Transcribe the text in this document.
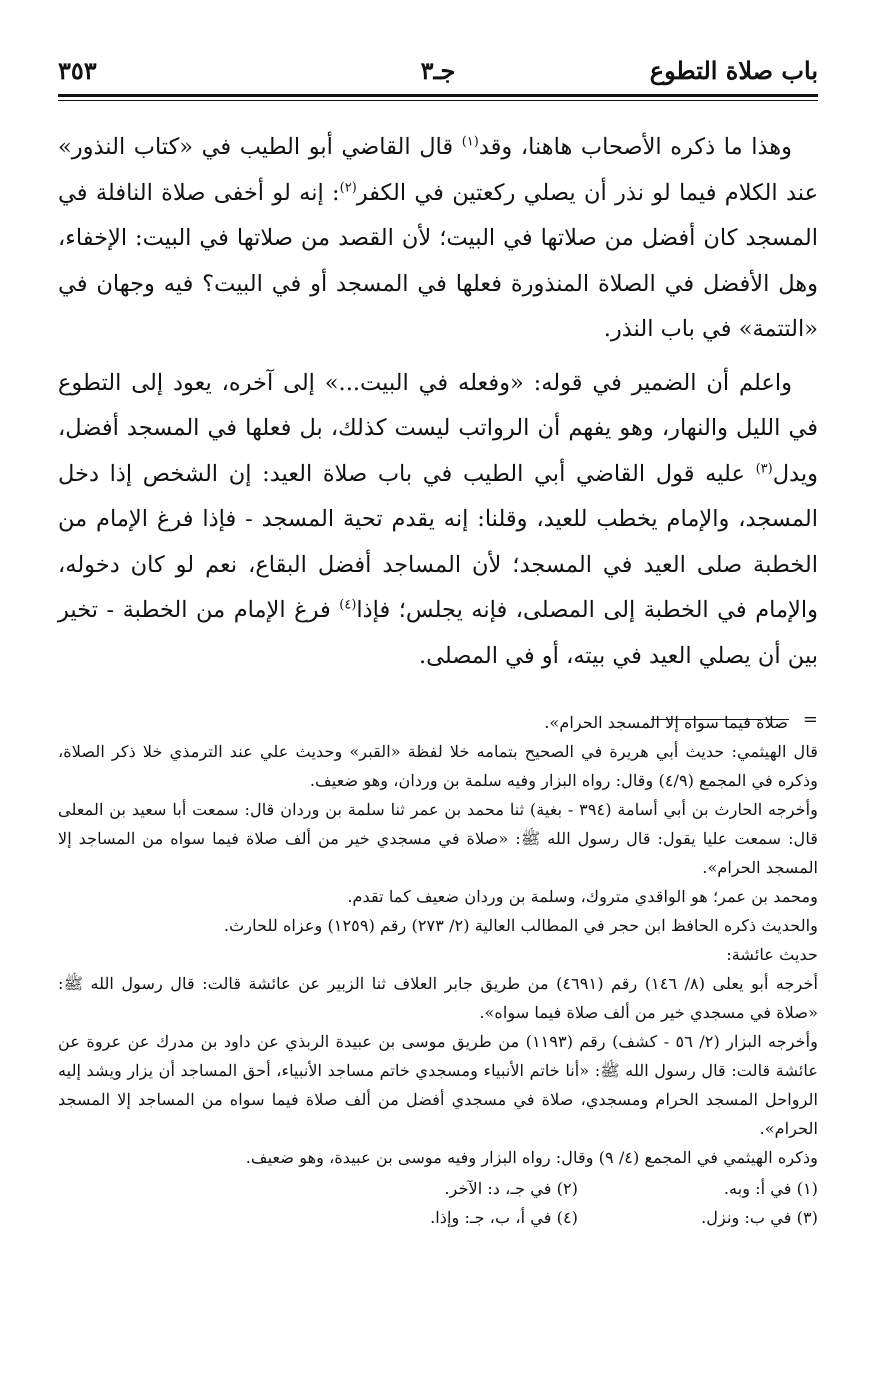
باب صلاة التطوع
جـ٣
٣٥٣

وهذا ما ذكره الأصحاب هاهنا، وقد$^{(١)}$ قال القاضي أبو الطيب في «كتاب النذور» عند الكلام فيما لو نذر أن يصلي ركعتين في الكفر$^{(٢)}$: إنه لو أخفى صلاة النافلة في المسجد كان أفضل من صلاتها في البيت؛ لأن القصد من صلاتها في البيت: الإخفاء، وهل الأفضل في الصلاة المنذورة فعلها في المسجد أو في البيت؟ فيه وجهان في «التتمة» في باب النذر.

واعلم أن الضمير في قوله: «وفعله في البيت...» إلى آخره، يعود إلى التطوع في الليل والنهار، وهو يفهم أن الرواتب ليست كذلك، بل فعلها في المسجد أفضل، ويدل$^{(٣)}$ عليه قول القاضي أبي الطيب في باب صلاة العيد: إن الشخص إذا دخل المسجد، والإمام يخطب للعيد، وقلنا: إنه يقدم تحية المسجد - فإذا فرغ الإمام من الخطبة صلى العيد في المسجد؛ لأن المساجد أفضل البقاع، نعم لو كان دخوله، والإمام في الخطبة إلى المصلى، فإنه يجلس؛ فإذا$^{(٤)}$ فرغ الإمام من الخطبة - تخير بين أن يصلي العيد في بيته، أو في المصلى.

=

صلاة فيما سواه إلا المسجد الحرام».

قال الهيثمي: حديث أبي هريرة في الصحيح بتمامه خلا لفظة «القبر» وحديث علي عند الترمذي خلا ذكر الصلاة، وذكره في المجمع (٤/٩) وقال: رواه البزار وفيه سلمة بن وردان، وهو ضعيف.

وأخرجه الحارث بن أبي أسامة (٣٩٤ - بغية) ثنا محمد بن عمر ثنا سلمة بن وردان قال: سمعت أبا سعيد بن المعلى قال: سمعت عليا يقول: قال رسول الله ﷺ: «صلاة في مسجدي خير من ألف صلاة فيما سواه من المساجد إلا المسجد الحرام».

ومحمد بن عمر؛ هو الواقدي متروك، وسلمة بن وردان ضعيف كما تقدم.

والحديث ذكره الحافظ ابن حجر في المطالب العالية (٢/ ٢٧٣) رقم (١٢٥٩) وعزاه للحارث.

حديث عائشة:

أخرجه أبو يعلى (٨/ ١٤٦) رقم (٤٦٩١) من طريق جابر العلاف ثنا الزبير عن عائشة قالت: قال رسول الله ﷺ: «صلاة في مسجدي خير من ألف صلاة فيما سواه».

وأخرجه البزار (٢/ ٥٦ - كشف) رقم (١١٩٣) من طريق موسى بن عبيدة الربذي عن داود بن مدرك عن عروة عن عائشة قالت: قال رسول الله ﷺ: «أنا خاتم الأنبياء ومسجدي خاتم مساجد الأنبياء، أحق المساجد أن يزار ويشد إليه الرواحل المسجد الحرام ومسجدي، صلاة في مسجدي أفضل من ألف صلاة فيما سواه من المساجد إلا المسجد الحرام».

وذكره الهيثمي في المجمع (٤/ ٩) وقال: رواه البزار وفيه موسى بن عبيدة، وهو ضعيف.

(١) في أ: وبه.
(٢) في جـ، د: الآخر.
(٣) في ب: ونزل.
(٤) في أ، ب، جـ: وإذا.
